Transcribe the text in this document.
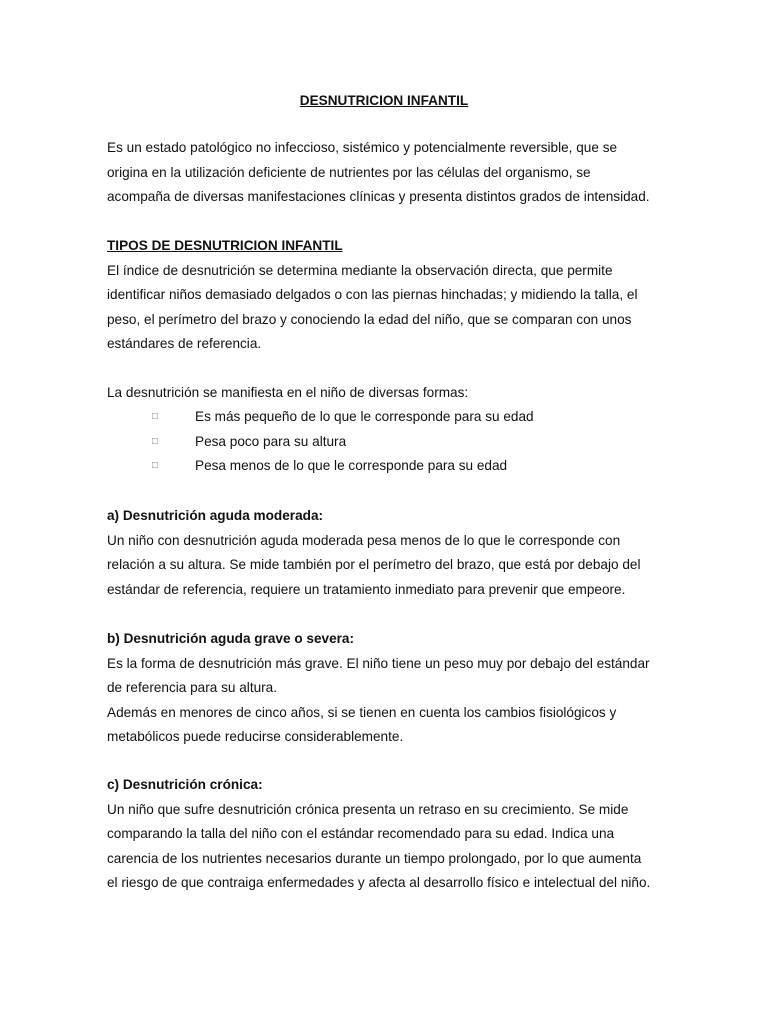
DESNUTRICION INFANTIL
Es un estado patológico no infeccioso, sistémico y potencialmente reversible, que se
origina en la utilización deficiente de nutrientes por las células del organismo, se
acompaña de diversas manifestaciones clínicas y presenta distintos grados de intensidad.
TIPOS DE DESNUTRICION INFANTIL
El índice de desnutrición se determina mediante la observación directa, que permite
identificar niños demasiado delgados o con las piernas hinchadas; y midiendo la talla, el
peso, el perímetro del brazo y conociendo la edad del niño, que se comparan con unos
estándares de referencia.
La desnutrición se manifiesta en el niño de diversas formas:
□	Es más pequeño de lo que le corresponde para su edad
□	Pesa poco para su altura
□	Pesa menos de lo que le corresponde para su edad
a) Desnutrición aguda moderada:
Un niño con desnutrición aguda moderada pesa menos de lo que le corresponde con
relación a su altura. Se mide también por el perímetro del brazo, que está por debajo del
estándar de referencia, requiere un tratamiento inmediato para prevenir que empeore.
b) Desnutrición aguda grave o severa:
Es la forma de desnutrición más grave. El niño tiene un peso muy por debajo del estándar
de referencia para su altura.
Además en menores de cinco años, si se tienen en cuenta los cambios fisiológicos y
metabólicos puede reducirse considerablemente.
c) Desnutrición crónica:
Un niño que sufre desnutrición crónica presenta un retraso en su crecimiento. Se mide
comparando la talla del niño con el estándar recomendado para su edad. Indica una
carencia de los nutrientes necesarios durante un tiempo prolongado, por lo que aumenta
el riesgo de que contraiga enfermedades y afecta al desarrollo físico e intelectual del niño.
